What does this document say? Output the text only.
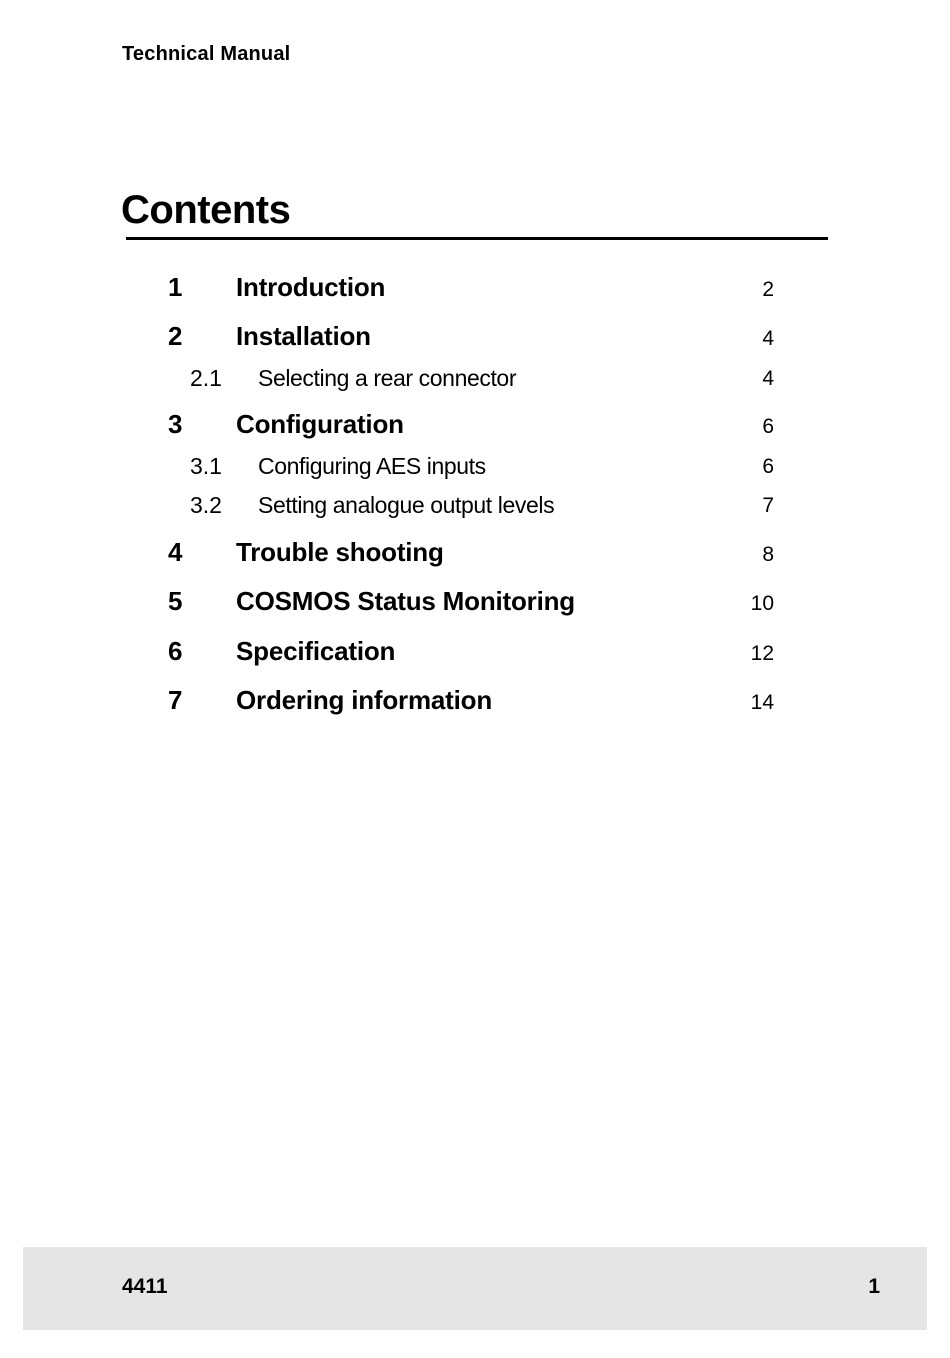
Technical Manual
Contents
1 Introduction	2
2 Installation	4
2.1 Selecting a rear connector	4
3 Configuration	6
3.1 Configuring AES inputs	6
3.2 Setting analogue output levels	7
4 Trouble shooting	8
5 COSMOS Status Monitoring	10
6 Specification	12
7 Ordering information	14
4411	1
